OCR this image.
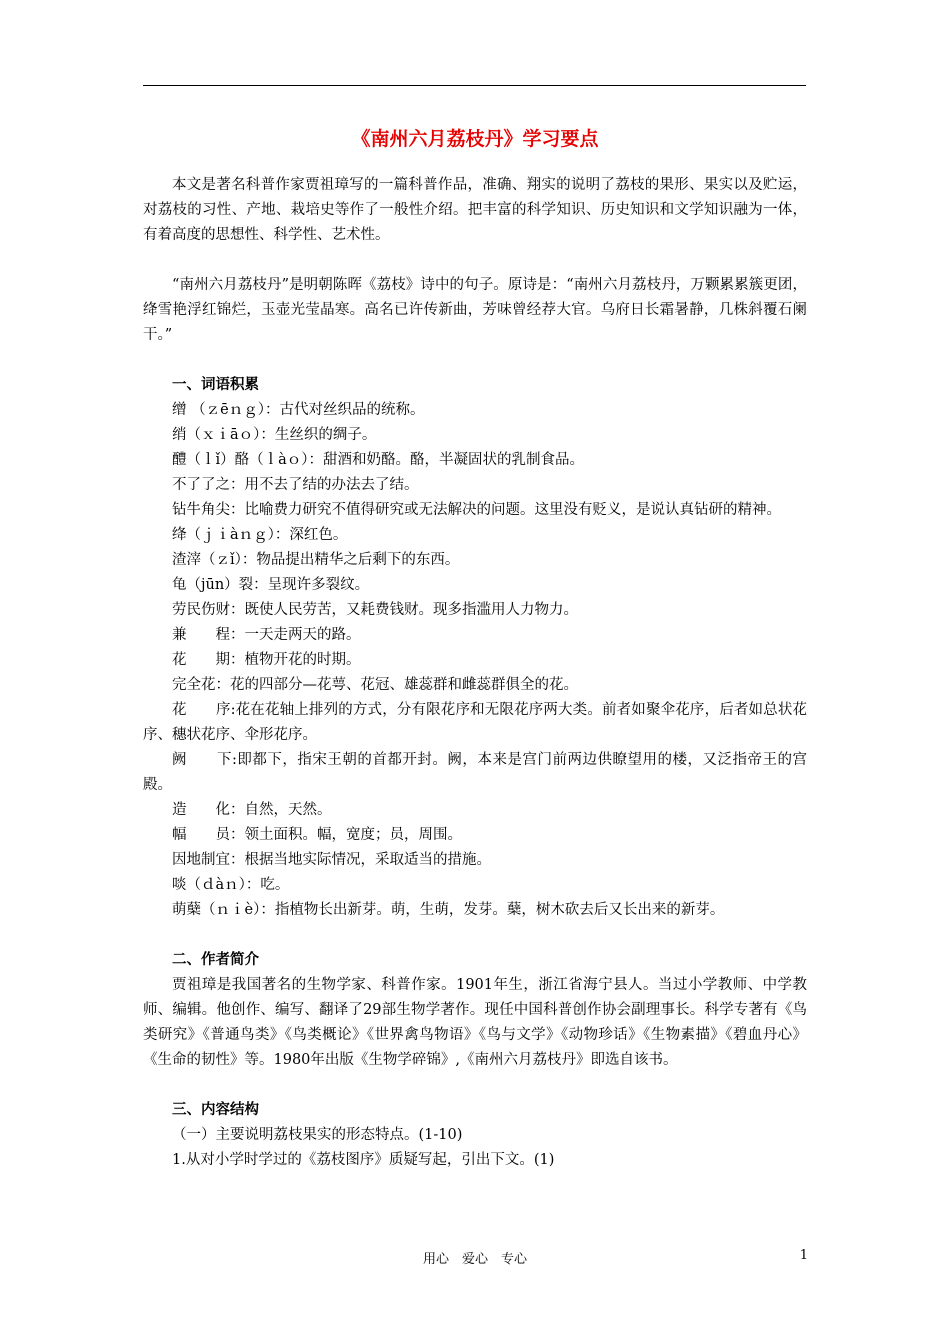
《南州六月荔枝丹》学习要点

本文是著名科普作家贾祖璋写的一篇科普作品，准确、翔实的说明了荔枝的果形、果实以及贮运，对荔枝的习性、产地、栽培史等作了一般性介绍。把丰富的科学知识、历史知识和文学知识融为一体，有着高度的思想性、科学性、艺术性。

“南州六月荔枝丹”是明朝陈晖《荔枝》诗中的句子。原诗是：“南州六月荔枝丹，万颗累累簇更团，绛雪艳浮红锦烂，玉壶光莹晶寒。高名已许传新曲，芳味曾经荐大官。乌府日长霜暑静，几株斜覆石阑干。”

一、词语积累

缯 （ｚēｎｇ）：古代对丝织品的统称。

绡（ｘｉāｏ）：生丝织的绸子。

醴（ｌǐ）酪（ｌàｏ）：甜酒和奶酪。酪，半凝固状的乳制食品。

不了了之：用不去了结的办法去了结。

钻牛角尖：比喻费力研究不值得研究或无法解决的问题。这里没有贬义，是说认真钻研的精神。

绛（ｊｉàｎｇ）：深红色。

渣滓（ｚǐ）：物品提出精华之后剩下的东西。

龟（jūn）裂：呈现许多裂纹。

劳民伤财：既使人民劳苦，又耗费钱财。现多指滥用人力物力。

兼　　程：一天走两天的路。

花　　期：植物开花的时期。

完全花：花的四部分—花萼、花冠、雄蕊群和雌蕊群俱全的花。

花　　序:花在花轴上排列的方式，分有限花序和无限花序两大类。前者如聚伞花序，后者如总状花序、穗状花序、伞形花序。

阙　　下:即都下，指宋王朝的首都开封。阙，本来是宫门前两边供瞭望用的楼，又泛指帝王的宫殿。

造　　化：自然，天然。

幅　　员：领土面积。幅，宽度；员，周围。

因地制宜：根据当地实际情况，采取适当的措施。

啖（ｄàｎ）：吃。

萌蘖（ｎｉè）：指植物长出新芽。萌，生萌，发芽。蘖，树木砍去后又长出来的新芽。

二、作者简介

贾祖璋是我国著名的生物学家、科普作家。1901年生，浙江省海宁县人。当过小学教师、中学教师、编辑。他创作、编写、翻译了29部生物学著作。现任中国科普创作协会副理事长。科学专著有《鸟类研究》《普通鸟类》《鸟类概论》《世界禽鸟物语》《鸟与文学》《动物珍话》《生物素描》《碧血丹心》《生命的韧性》等。1980年出版《生物学碎锦》,《南州六月荔枝丹》即选自该书。

三、内容结构

（一）主要说明荔枝果实的形态特点。(1-10)

1.从对小学时学过的《荔枝图序》质疑写起，引出下文。(1)

用心　爱心　专心	1
